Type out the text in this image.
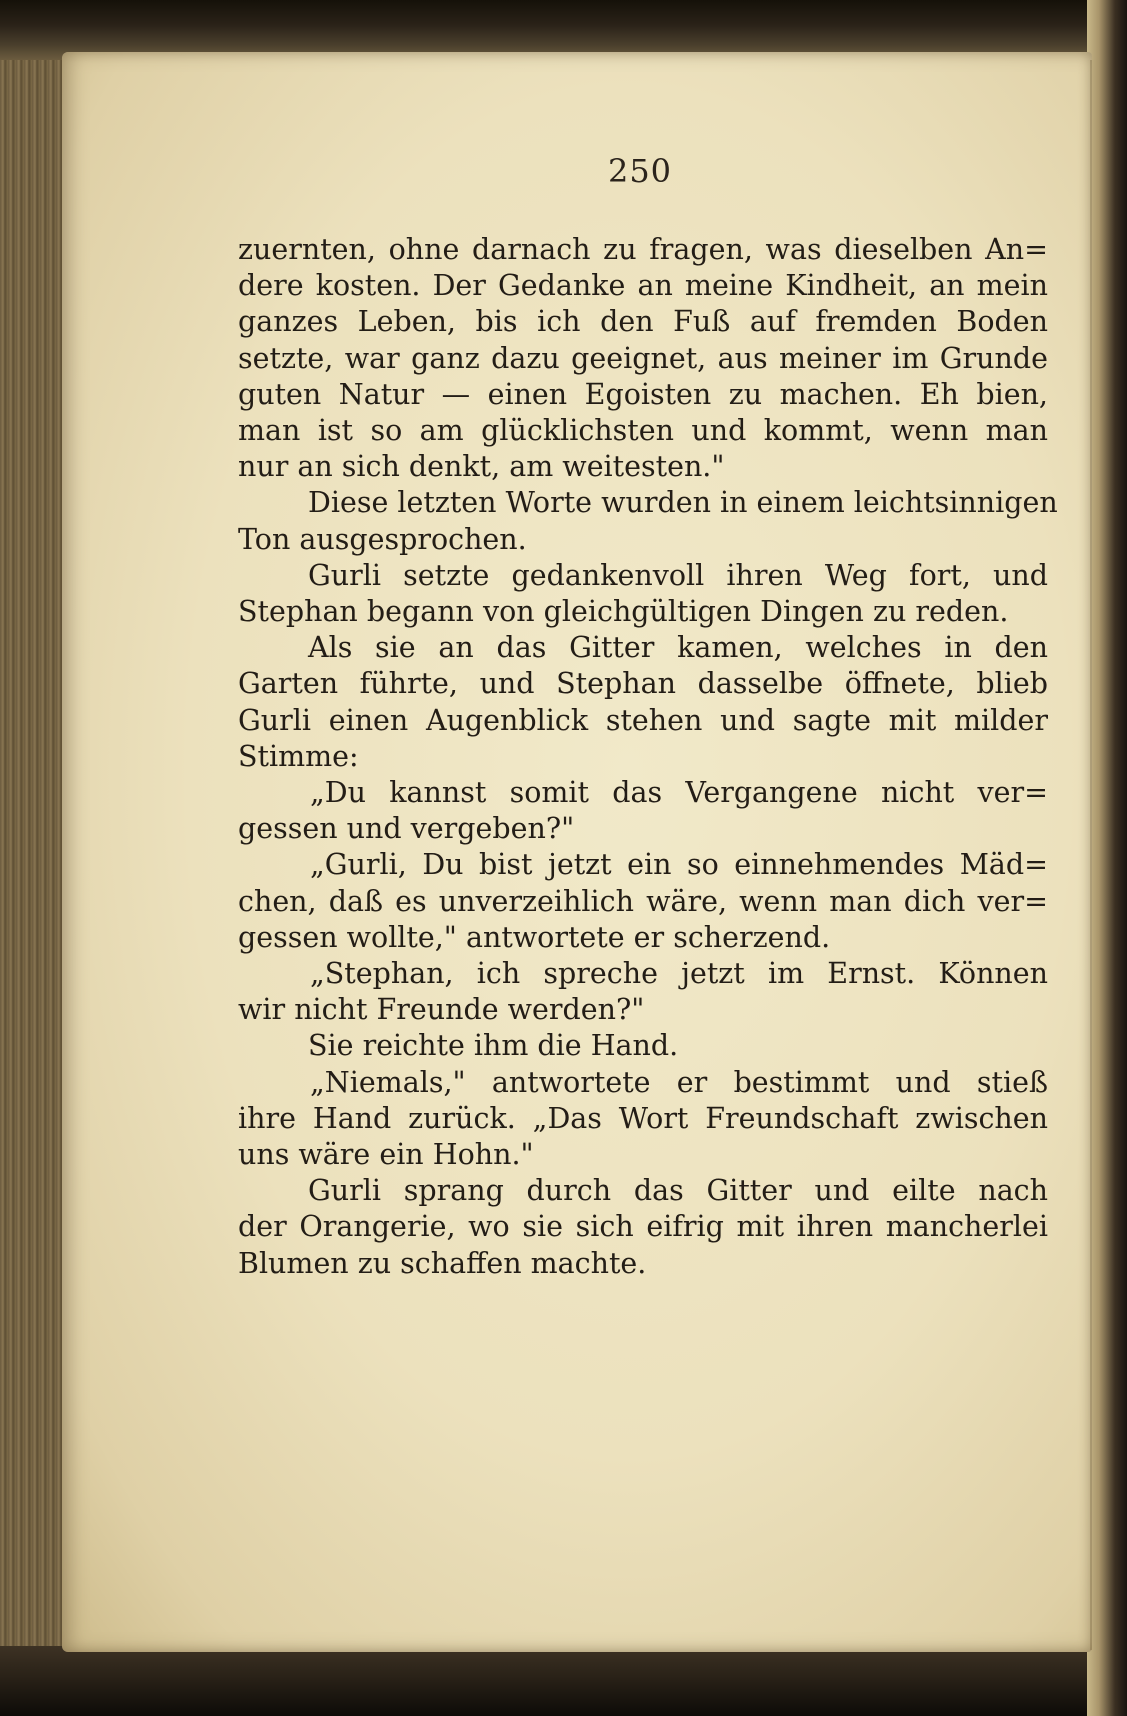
250
zuernten, ohne darnach zu fragen, was dieselben An=
dere kosten. Der Gedanke an meine Kindheit, an mein
ganzes Leben, bis ich den Fuß auf fremden Boden
setzte, war ganz dazu geeignet, aus meiner im Grunde
guten Natur — einen Egoisten zu machen. Eh bien,
man ist so am glücklichsten und kommt, wenn man
nur an sich denkt, am weitesten."
Diese letzten Worte wurden in einem leichtsinnigen
Ton ausgesprochen.
Gurli setzte gedankenvoll ihren Weg fort, und
Stephan begann von gleichgültigen Dingen zu reden.
Als sie an das Gitter kamen, welches in den
Garten führte, und Stephan dasselbe öffnete, blieb
Gurli einen Augenblick stehen und sagte mit milder
Stimme:
„Du kannst somit das Vergangene nicht ver=
gessen und vergeben?"
„Gurli, Du bist jetzt ein so einnehmendes Mäd=
chen, daß es unverzeihlich wäre, wenn man dich ver=
gessen wollte," antwortete er scherzend.
„Stephan, ich spreche jetzt im Ernst. Können
wir nicht Freunde werden?"
Sie reichte ihm die Hand.
„Niemals," antwortete er bestimmt und stieß
ihre Hand zurück. „Das Wort Freundschaft zwischen
uns wäre ein Hohn."
Gurli sprang durch das Gitter und eilte nach
der Orangerie, wo sie sich eifrig mit ihren mancherlei
Blumen zu schaffen machte.
